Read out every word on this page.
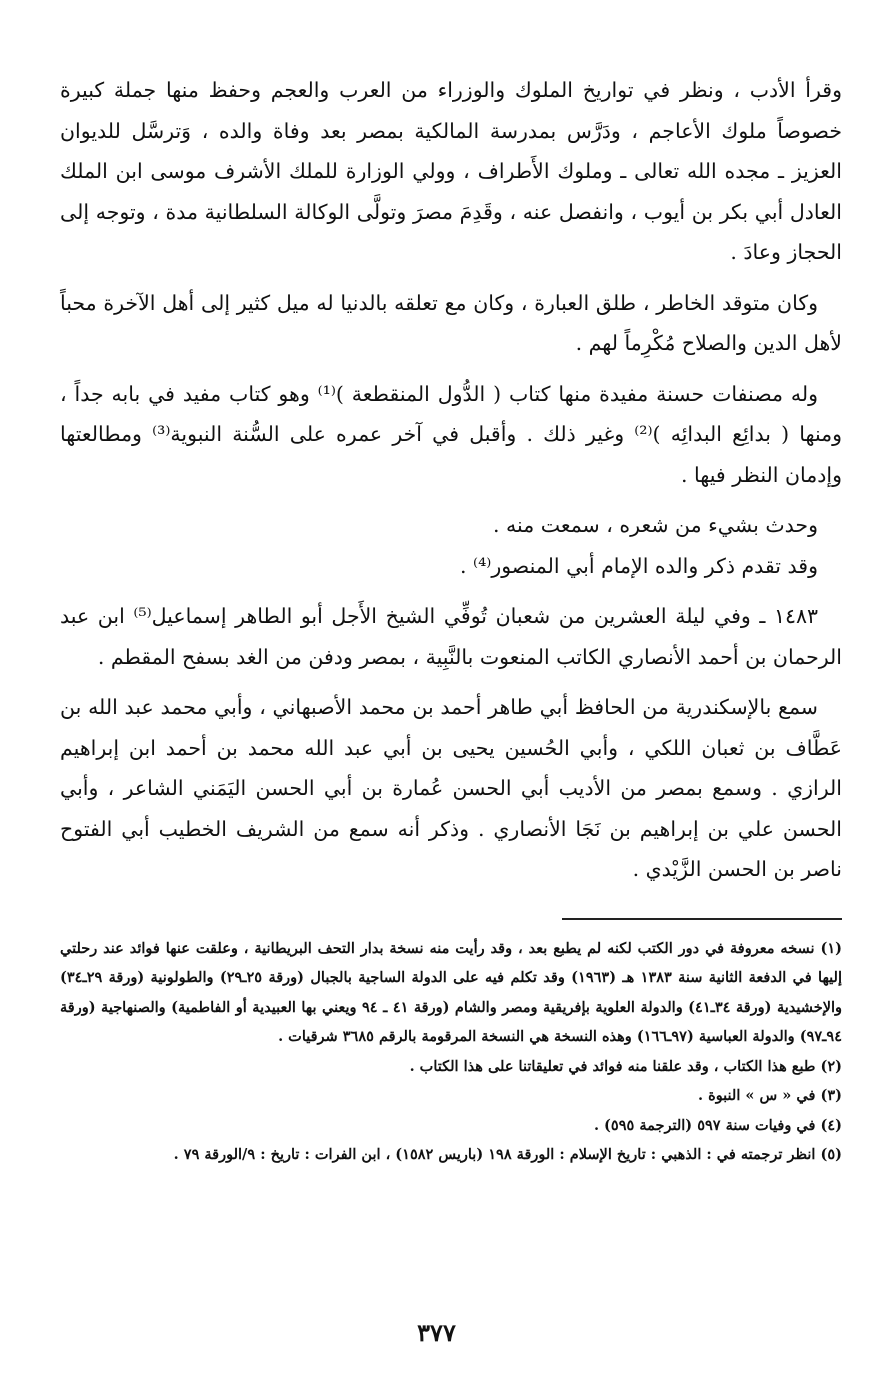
وقرأ الأدب ، ونظر في تواريخ الملوك والوزراء من العرب والعجم وحفظ منها جملة كبيرة خصوصاً ملوك الأعاجم ، ودَرَّس بمدرسة المالكية بمصر بعد وفاة والده ، وَترسَّل للديوان العزيز ـ مجده الله تعالى ـ وملوك الأَطراف ، وولي الوزارة للملك الأشرف موسى ابن الملك العادل أبي بكر بن أيوب ، وانفصل عنه ، وقَدِمَ مصرَ وتولَّى الوكالة السلطانية مدة ، وتوجه إلى الحجاز وعادَ .

وكان متوقد الخاطر ، طلق العبارة ، وكان مع تعلقه بالدنيا له ميل كثير إلى أهل الآخرة محباً لأهل الدين والصلاح مُكْرِماً لهم .

وله مصنفات حسنة مفيدة منها كتاب ( الدُّول المنقطعة )⁽¹⁾ وهو كتاب مفيد في بابه جداً ، ومنها ( بدائِع البدائِه )⁽²⁾ وغير ذلك . وأقبل في آخر عمره على السُّنة النبوية⁽³⁾ ومطالعتها وإدمان النظر فيها .

وحدث بشيء من شعره ، سمعت منه .

وقد تقدم ذكر والده الإمام أبي المنصور⁽⁴⁾ .

١٤٨٣ ـ وفي ليلة العشرين من شعبان تُوفِّي الشيخ الأَجل أبو الطاهر إسماعيل⁽⁵⁾ ابن عبد الرحمان بن أحمد الأنصاري الكاتب المنعوت بالنَّبِية ، بمصر ودفن من الغد بسفح المقطم .

سمع بالإسكندرية من الحافظ أبي طاهر أحمد بن محمد الأصبهاني ، وأبي محمد عبد الله بن عَطَّاف بن ثعبان اللكي ، وأبي الحُسين يحيى بن أبي عبد الله محمد بن أحمد ابن إبراهيم الرازي . وسمع بمصر من الأديب أبي الحسن عُمارة بن أبي الحسن اليَمَني الشاعر ، وأبي الحسن علي بن إبراهيم بن نَجَا الأنصاري . وذكر أنه سمع من الشريف الخطيب أبي الفتوح ناصر بن الحسن الزَّيْدي .

(١) نسخه معروفة في دور الكتب لكنه لم يطبع بعد ، وقد رأيت منه نسخة بدار التحف البريطانية ، وعلقت عنها فوائد عند رحلتي إليها في الدفعة الثانية سنة ١٣٨٣ هـ (١٩٦٣) وقد تكلم فيه على الدولة الساجية بالجبال (ورقة ٢٥ـ٢٩) والطولونية (ورقة ٢٩ـ٣٤) والإخشيدية (ورقة ٣٤ـ٤١) والدولة العلوية بإفريقية ومصر والشام (ورقة ٤١ ـ ٩٤ ويعني بها العبيدية أو الفاطمية) والصنهاجية (ورقة ٩٤ـ٩٧) والدولة العباسية (٩٧ـ١٦٦) وهذه النسخة هي النسخة المرقومة بالرقم ٣٦٨٥ شرقيات .

(٢) طبع هذا الكتاب ، وقد علقنا منه فوائد في تعليقاتنا على هذا الكتاب .

(٣) في « س » النبوة .

(٤) في وفيات سنة ٥٩٧ (الترجمة ٥٩٥) .

(٥) انظر ترجمته في : الذهبي : تاريخ الإسلام : الورقة ١٩٨ (باريس ١٥٨٢) ، ابن الفرات : تاريخ : ٩/الورقة ٧٩ .

٣٧٧
